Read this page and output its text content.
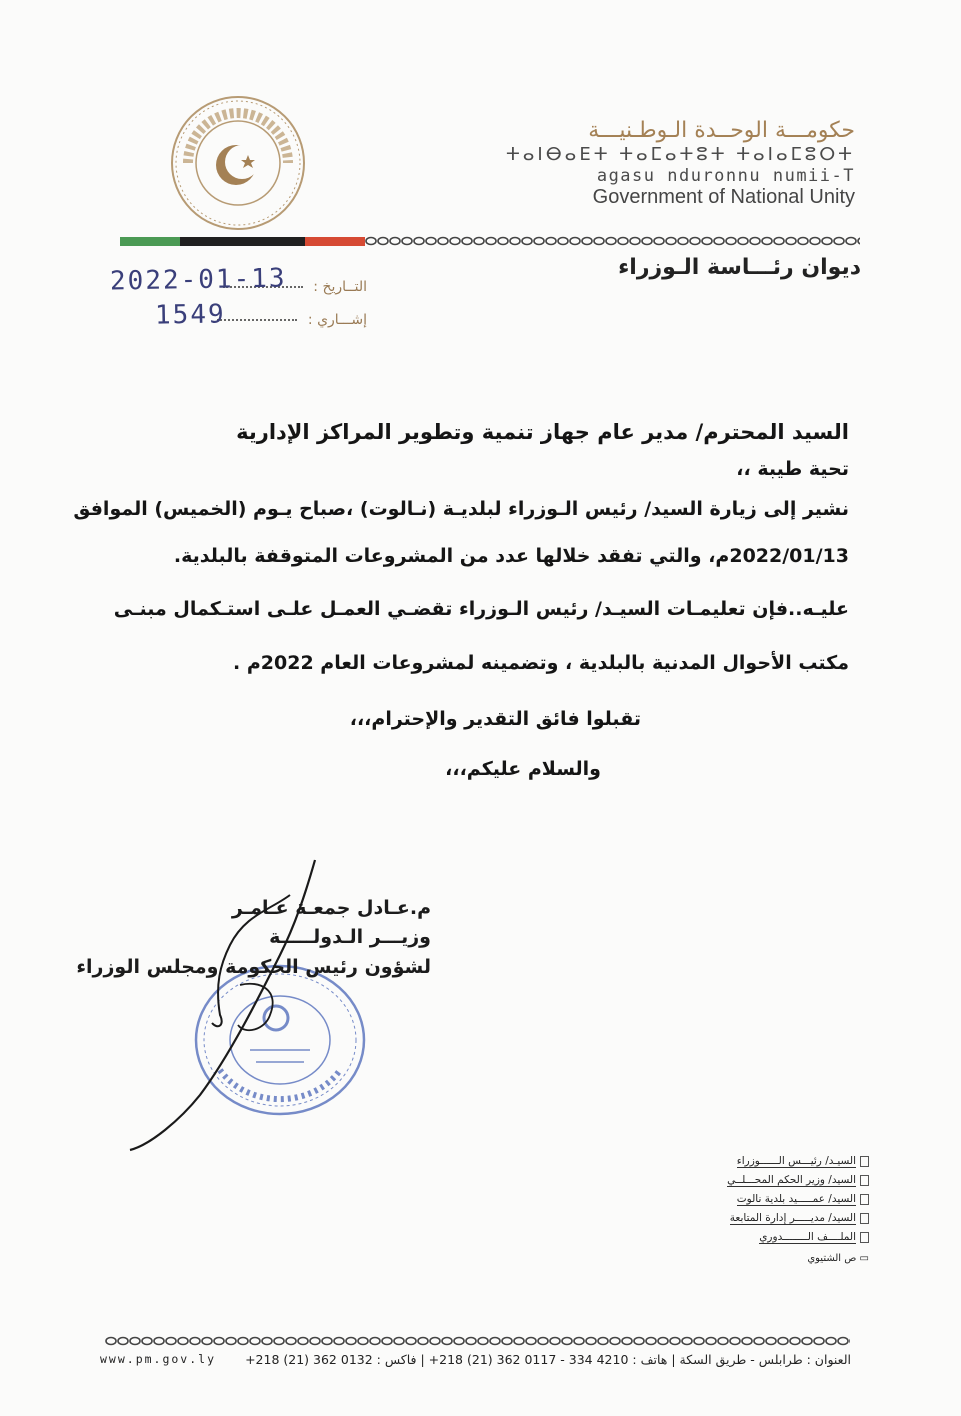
حكومـــة الوحــدة الـوطـنيـــة
ⵜⴰⵏⴱⴰⴹⵜ ⵜⴰⵎⴰⵜⵓⵜ ⵜⴰⵏⴰⵎⵓⵔⵜ
agasu nduronnu numii-T
Government of National Unity
ديوان رئـــاسة الـوزراء
التــاريخ :
إشـــاري :
2022-01-13
1549
السيد المحترم/ مدير عام جهاز تنمية وتطوير المراكز الإدارية
تحية طيبة ،،
نشير إلى زيارة السيد/ رئيس الـوزراء لبلديـة (نـالوت) ،صباح يـوم (الخميس) الموافق
2022/01/13م، والتي تفقد خلالها عدد من المشروعات المتوقفة بالبلدية.
عليـه..فإن تعليمـات السيـد/ رئيس الـوزراء تقضـي العمـل علـى استـكمال مبنـى
مكتب الأحوال المدنية بالبلدية ، وتضمينه لمشروعات العام 2022م .
تقبلوا فائق التقدير والإحترام،،،
والسلام عليكم،،،
م.عـادل جمعـة عـامـر
وزيـــر الـدولـــــة
لشؤون رئيس الحكومة ومجلس الوزراء
السيـد/ رئيـــس الــــــوزراء
السيد/ وزير الحكم المحـــلــي
السيد/ عمـــــيد بلدية نالوت
السيد/ مديـــــر إدارة المتابعة
الملــــف الــــــــدوري
▭ ص الشتيوي
العنوان : طرابلس - طريق السكة | هاتف : 4210 334 - 0117 362 (21) 218+ | فاكس : 0132 362 (21) 218+
www.pm.gov.ly
